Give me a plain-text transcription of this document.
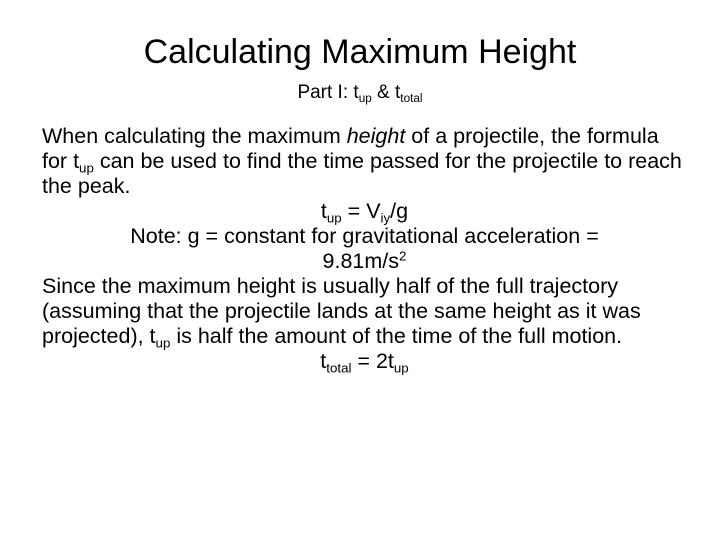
Calculating Maximum Height
Part I: $t_{up}$ & $t_{total}$

When calculating the maximum height of a projectile, the formula for $t_{up}$ can be used to find the time passed for the projectile to reach the peak.

$t_{up} = V_{iy}/g$

Note: g = constant for gravitational acceleration =
$9.81m/s^2$

Since the maximum height is usually half of the full trajectory (assuming that the projectile lands at the same height as it was projected), $t_{up}$ is half the amount of the time of the full motion.

$t_{total} = 2t_{up}$
